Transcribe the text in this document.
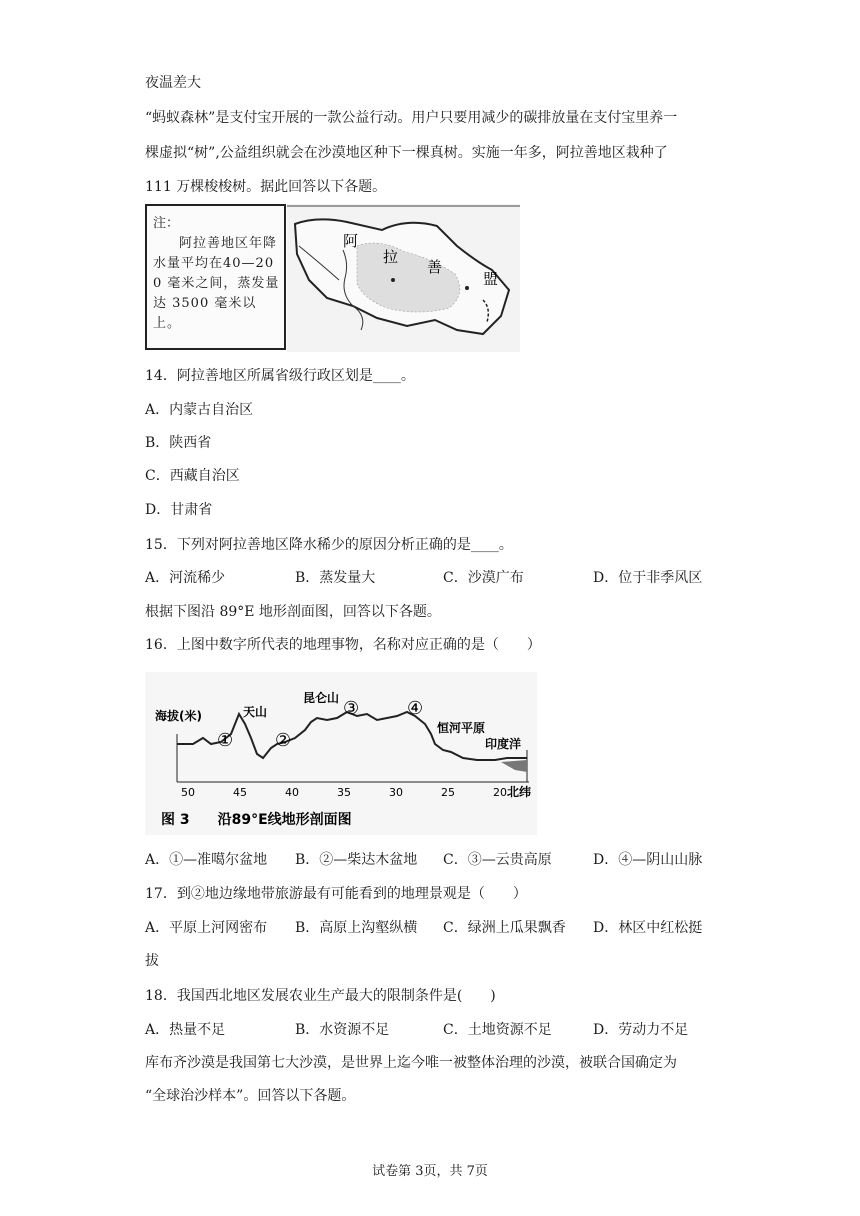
夜温差大
“蚂蚁森林”是支付宝开展的一款公益行动。用户只要用减少的碳排放量在支付宝里养一
棵虚拟“树”,公益组织就会在沙漠地区种下一棵真树。实施一年多，阿拉善地区栽种了
111 万棵梭梭树。据此回答以下各题。
注：
阿拉善地区年降水量平均在40—200 毫米之间，蒸发量达 3500 毫米以上。
阿
拉
善
盟
14．阿拉善地区所属省级行政区划是____。
A．内蒙古自治区
B．陕西省
C．西藏自治区
D．甘肃省
15．下列对阿拉善地区降水稀少的原因分析正确的是____。
A．河流稀少	B．蒸发量大	C．沙漠广布	D．位于非季风区
根据下图沿 89°E 地形剖面图，回答以下各题。
16．上图中数字所代表的地理事物，名称对应正确的是（　　）
海拔(米)	天山
昆仑山
① ②
③	④
恒河平原
印度洋
50	45	40	35	30	25	20 北纬
图 3　　沿89°E线地形剖面图
A．①—准噶尔盆地 B．②—柴达木盆地 C．③—云贵高原	D．④—阴山山脉
17．到②地边缘地带旅游最有可能看到的地理景观是（　　）
A．平原上河网密布 B．高原上沟壑纵横 C．绿洲上瓜果飘香 D．林区中红松挺
拔
18．我国西北地区发展农业生产最大的限制条件是(　　)
A．热量不足	B．水资源不足	C．土地资源不足	D．劳动力不足
库布齐沙漠是我国第七大沙漠，是世界上迄今唯一被整体治理的沙漠，被联合国确定为
“全球治沙样本”。回答以下各题。
试卷第 3页，共 7页
